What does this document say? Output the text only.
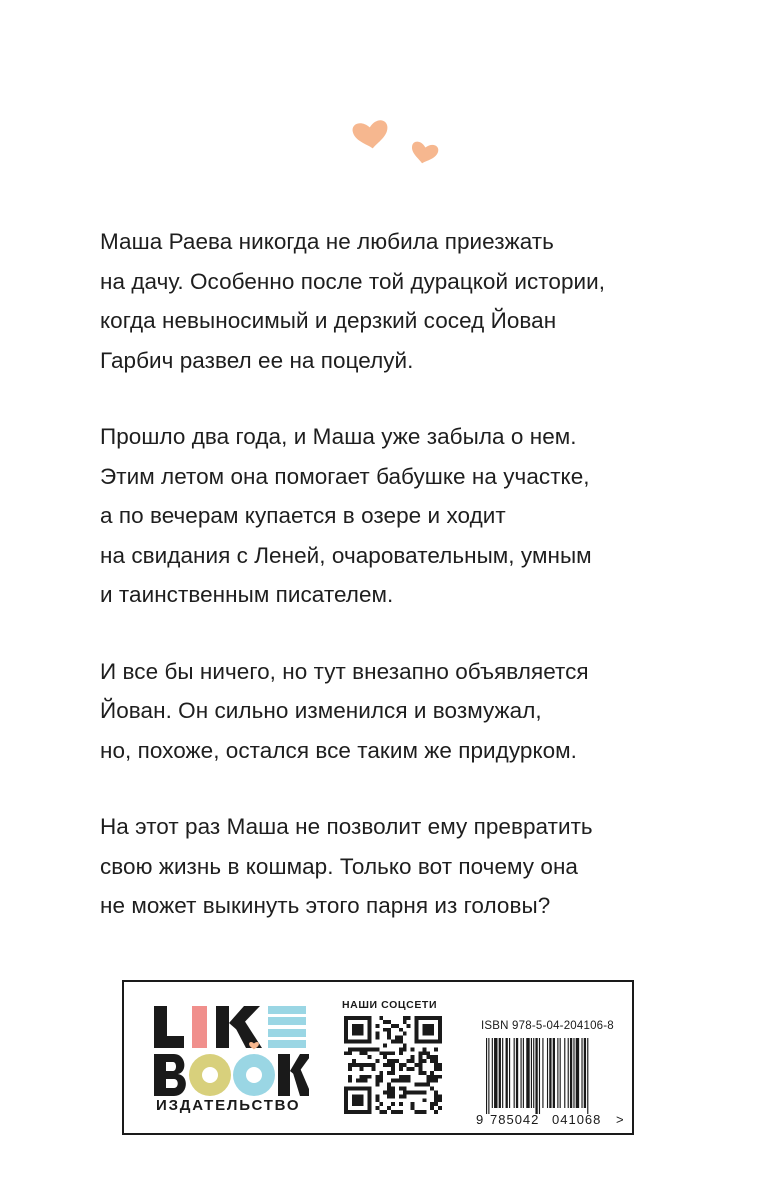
Маша Раева никогда не любила приезжать
на дачу. Особенно после той дурацкой истории,
когда невыносимый и дерзкий сосед Йован
Гарбич развел ее на поцелуй.

Прошло два года, и Маша уже забыла о нем.
Этим летом она помогает бабушке на участке,
а по вечерам купается в озере и ходит
на свидания с Леней, очаровательным, умным
и таинственным писателем.

И все бы ничего, но тут внезапно объявляется
Йован. Он сильно изменился и возмужал,
но, похоже, остался все таким же придурком.

На этот раз Маша не позволит ему превратить
свою жизнь в кошмар. Только вот почему она
не может выкинуть этого парня из головы?

ИЗДАТЕЛЬСТВО
НАШИ СОЦСЕТИ
ISBN 978-5-04-204106-8
9 785042 041068 >
